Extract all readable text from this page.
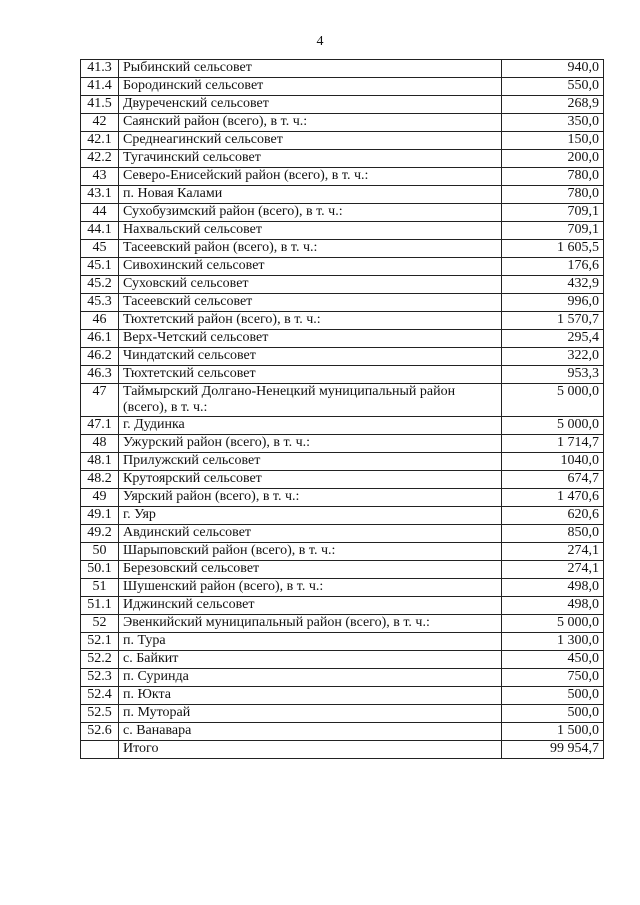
4
41.3	Рыбинский сельсовет	940,0
41.4	Бородинский сельсовет	550,0
41.5	Двуреченский сельсовет	268,9
42	Саянский район (всего), в т. ч.:	350,0
42.1	Среднеагинский сельсовет	150,0
42.2	Тугачинский сельсовет	200,0
43	Северо-Енисейский район (всего), в т. ч.:	780,0
43.1	п. Новая Калами	780,0
44	Сухобузимский район (всего), в т. ч.:	709,1
44.1	Нахвальский сельсовет	709,1
45	Тасеевский район (всего), в т. ч.:	1 605,5
45.1	Сивохинский сельсовет	176,6
45.2	Суховский сельсовет	432,9
45.3	Тасеевский сельсовет	996,0
46	Тюхтетский район (всего), в т. ч.:	1 570,7
46.1	Верх-Четский сельсовет	295,4
46.2	Чиндатский сельсовет	322,0
46.3	Тюхтетский сельсовет	953,3
47	Таймырский Долгано-Ненецкий муниципальный район (всего), в т. ч.:	5 000,0
47.1	г. Дудинка	5 000,0
48	Ужурский район (всего), в т. ч.:	1 714,7
48.1	Прилужский сельсовет	1040,0
48.2	Крутоярский сельсовет	674,7
49	Уярский район (всего), в т. ч.:	1 470,6
49.1	г. Уяр	620,6
49.2	Авдинский сельсовет	850,0
50	Шарыповский район (всего), в т. ч.:	274,1
50.1	Березовский сельсовет	274,1
51	Шушенский район (всего), в т. ч.:	498,0
51.1	Иджинский сельсовет	498,0
52	Эвенкийский муниципальный район (всего), в т. ч.:	5 000,0
52.1	п. Тура	1 300,0
52.2	с. Байкит	450,0
52.3	п. Суринда	750,0
52.4	п. Юкта	500,0
52.5	п. Муторай	500,0
52.6	с. Ванавара	1 500,0
	Итого	99 954,7
